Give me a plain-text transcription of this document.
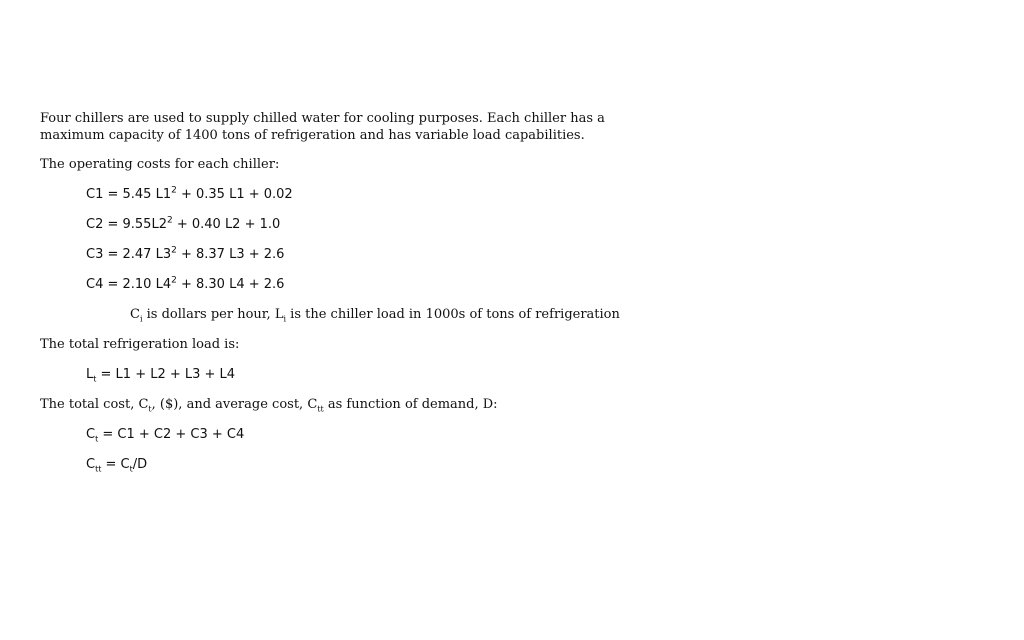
Four chillers are used to supply chilled water for cooling purposes. Each chiller has a
maximum capacity of 1400 tons of refrigeration and has variable load capabilities.

The operating costs for each chiller:

C1 = 5.45 $L1^2 + 0.35$ L1 + 0.02
$C2 = 9.55L2^2 + 0.40$ L2 + 1.0
C3 = 2.47 $L3^2 + 8.37$ L3 + 2.6
C4 = 2.10 $L4^2 + 8.30$ L4 + 2.6

$C_i$ is dollars per hour, $L_i$ is the chiller load in 1000s of tons of refrigeration

The total refrigeration load is:

$L_t = L1 + L2 + L3 + L4$

The total cost, $C_t$, ($), and average cost, $C_{tt}$ as function of demand, D:

$C_t = C1 + C2 + C3 + C4$
$C_{tt} = C_t/D$
